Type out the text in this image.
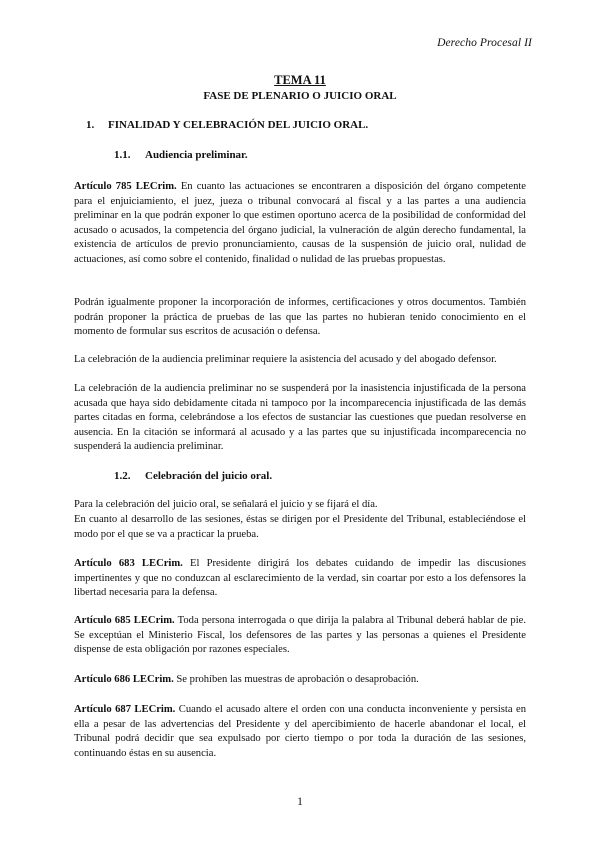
Derecho Procesal II
TEMA 11
FASE DE PLENARIO O JUICIO ORAL
1. FINALIDAD Y CELEBRACIÓN DEL JUICIO ORAL.
1.1. Audiencia preliminar.
Artículo 785 LECrim. En cuanto las actuaciones se encontraren a disposición del órgano competente para el enjuiciamiento, el juez, jueza o tribunal convocará al fiscal y a las partes a una audiencia preliminar en la que podrán exponer lo que estimen oportuno acerca de la posibilidad de conformidad del acusado o acusados, la competencia del órgano judicial, la vulneración de algún derecho fundamental, la existencia de artículos de previo pronunciamiento, causas de la suspensión de juicio oral, nulidad de actuaciones, así como sobre el contenido, finalidad o nulidad de las pruebas propuestas.
Podrán igualmente proponer la incorporación de informes, certificaciones y otros documentos. También podrán proponer la práctica de pruebas de las que las partes no hubieran tenido conocimiento en el momento de formular sus escritos de acusación o defensa.
La celebración de la audiencia preliminar requiere la asistencia del acusado y del abogado defensor.
La celebración de la audiencia preliminar no se suspenderá por la inasistencia injustificada de la persona acusada que haya sido debidamente citada ni tampoco por la incomparecencia injustificada de las demás partes citadas en forma, celebrándose a los efectos de sustanciar las cuestiones que puedan resolverse en ausencia. En la citación se informará al acusado y a las partes que su injustificada incomparecencia no suspenderá la audiencia preliminar.
1.2. Celebración del juicio oral.
Para la celebración del juicio oral, se señalará el juicio y se fijará el día.
En cuanto al desarrollo de las sesiones, éstas se dirigen por el Presidente del Tribunal, estableciéndose el modo por el que se va a practicar la prueba.
Artículo 683 LECrim. El Presidente dirigirá los debates cuidando de impedir las discusiones impertinentes y que no conduzcan al esclarecimiento de la verdad, sin coartar por esto a los defensores la libertad necesaria para la defensa.
Artículo 685 LECrim. Toda persona interrogada o que dirija la palabra al Tribunal deberá hablar de pie. Se exceptúan el Ministerio Fiscal, los defensores de las partes y las personas a quienes el Presidente dispense de esta obligación por razones especiales.
Artículo 686 LECrim. Se prohíben las muestras de aprobación o desaprobación.
Artículo 687 LECrim. Cuando el acusado altere el orden con una conducta inconveniente y persista en ella a pesar de las advertencias del Presidente y del apercibimiento de hacerle abandonar el local, el Tribunal podrá decidir que sea expulsado por cierto tiempo o por toda la duración de las sesiones, continuando éstas en su ausencia.
1
